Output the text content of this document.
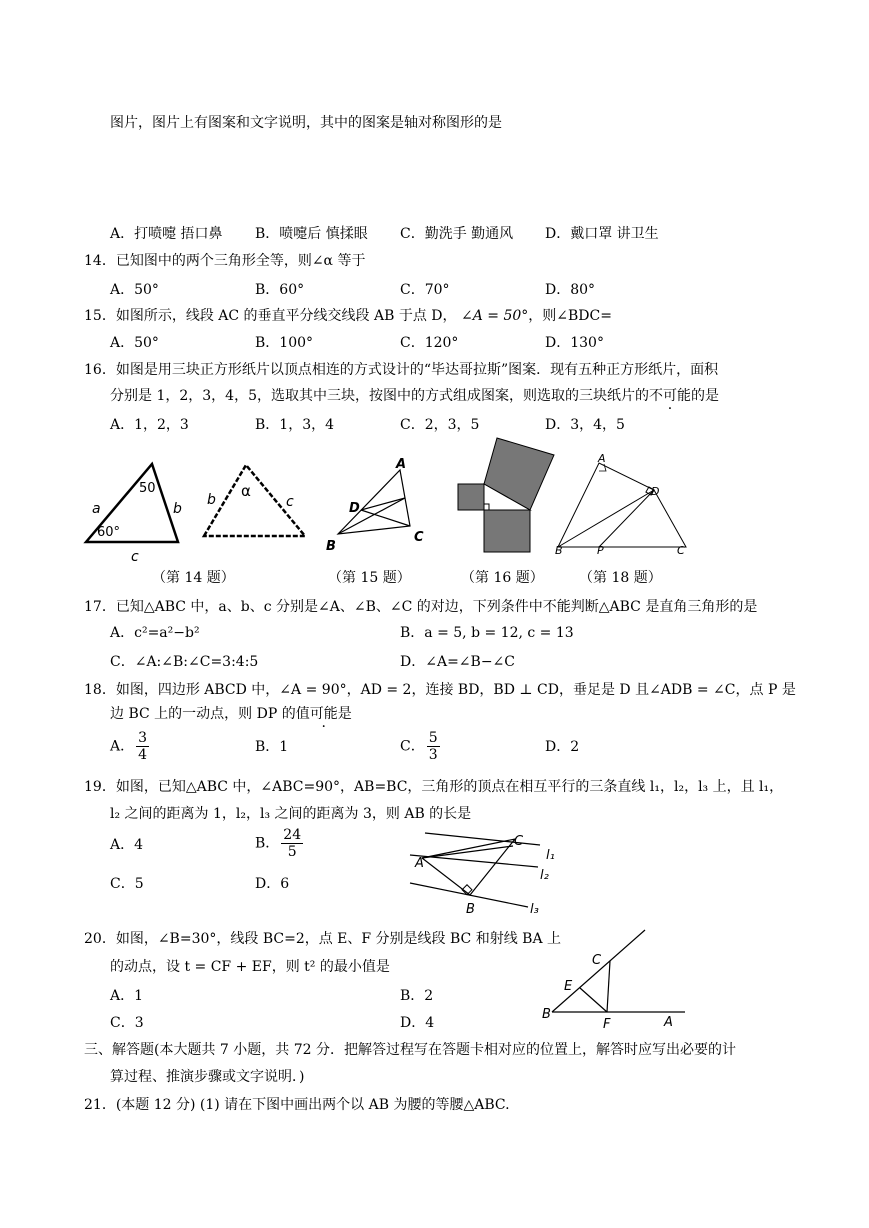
图片，图片上有图案和文字说明，其中的图案是轴对称图形的是
A．打喷嚏 捂口鼻 B．喷嚏后 慎揉眼 C．勤洗手 勤通风 D．戴口罩 讲卫生
14．已知图中的两个三角形全等，则∠α 等于
A．50°	B．60°	C．70°	D．80°
15．如图所示，线段 AC 的垂直平分线交线段 AB 于点 D， ∠A = 50°，则∠BDC=
A．50°	B．100°	C．120°	D．130°
16．如图是用三块正方形纸片以顶点相连的方式设计的“毕达哥拉斯”图案．现有五种正方形纸片，面积
分别是 1，2，3，4，5，选取其中三块，按图中的方式组成图案，则选取的三块纸片的不可能的是
A．1，2，3	B．1，3，4	C．2，3，5	D．3，4，5
a	b
c
50
60°
b	c
α
A
B
C
D
A
B	C
D
P
（第 14 题）	（第 15 题）	（第 16 题）	（第 18 题）
17．已知△ABC 中，a、b、c 分别是∠A、∠B、∠C 的对边，下列条件中不能判断△ABC 是直角三角形的是
A．c²=a²−b²	B．a = 5, b = 12, c = 13
C．∠A:∠B:∠C=3:4:5	D．∠A=∠B−∠C
18．如图，四边形 ABCD 中，∠A = 90°，AD = 2，连接 BD，BD ⊥ CD，垂足是 D 且∠ADB = ∠C，点 P 是
边 BC 上的一动点，则 DP 的值可能是
A． $\frac{3}{4}$	B．1	C． $\frac{5}{3}$	D．2
19．如图，已知△ABC 中，∠ABC=90°，AB=BC，三角形的顶点在相互平行的三条直线 l₁，l₂，l₃ 上，且 l₁，
l₂ 之间的距离为 1，l₂，l₃ 之间的距离为 3，则 AB 的长是
A．4	B． $\frac{24}{5}$
C．5	D．6
A
B
C
l₁
l₂
l₃
20．如图，∠B=30°，线段 BC=2，点 E、F 分别是线段 BC 和射线 BA 上
的动点，设 t = CF + EF，则 t² 的最小值是
A．1	B．2
C．3	D．4
C
E
B
F	A
三、解答题(本大题共 7 小题，共 72 分．把解答过程写在答题卡相对应的位置上，解答时应写出必要的计
算过程、推演步骤或文字说明．)
21．(本题 12 分) (1) 请在下图中画出两个以 AB 为腰的等腰△ABC.
